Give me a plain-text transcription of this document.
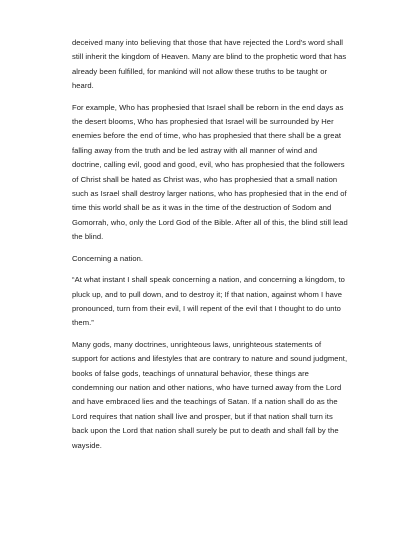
deceived many into believing that those that have rejected the Lord's word shall still inherit the kingdom of Heaven. Many are blind to the prophetic word that has already been fulfilled, for mankind will not allow these truths to be taught or heard.

For example, Who has prophesied that Israel shall be reborn in the end days as the desert blooms, Who has prophesied that Israel will be surrounded by Her enemies before the end of time, who has prophesied that there shall be a great falling away from the truth and be led astray with all manner of wind and doctrine, calling evil, good and good, evil, who has prophesied that the followers of Christ shall be hated as Christ was, who has prophesied that a small nation such as Israel shall destroy larger nations, who has prophesied that in the end of time this world shall be as it was in the time of the destruction of Sodom and Gomorrah, who, only the Lord God of the Bible. After all of this, the blind still lead the blind.

Concerning a nation.

“At what instant I shall speak concerning a nation, and concerning a kingdom, to pluck up, and to pull down, and to destroy it; If that nation, against whom I have pronounced, turn from their evil, I will repent of the evil that I thought to do unto them.”

Many gods, many doctrines, unrighteous laws, unrighteous statements of support for actions and lifestyles that are contrary to nature and sound judgment, books of false gods, teachings of unnatural behavior, these things are condemning our nation and other nations, who have turned away from the Lord and have embraced lies and the teachings of Satan. If a nation shall do as the Lord requires that nation shall live and prosper, but if that nation shall turn its back upon the Lord that nation shall surely be put to death and shall fall by the wayside.
